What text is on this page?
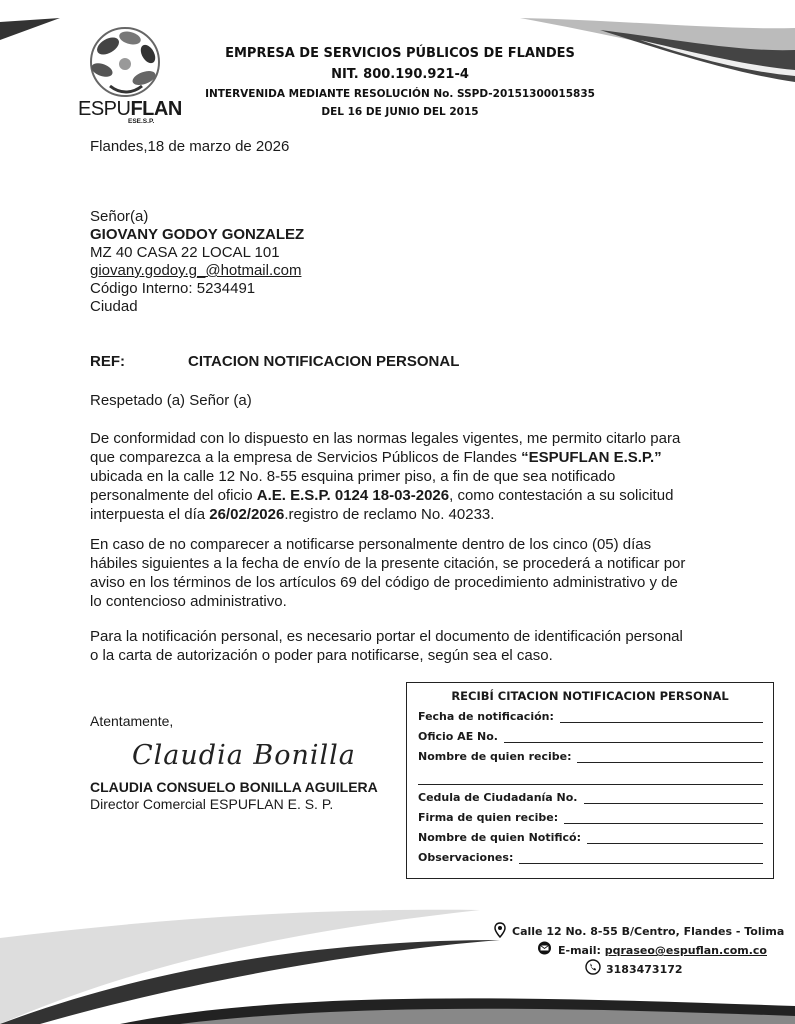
ESPUFLAN
ESE.S.P.
EMPRESA DE SERVICIOS PÚBLICOS DE FLANDES
NIT. 800.190.921-4
INTERVENIDA MEDIANTE RESOLUCIÓN No. SSPD-20151300015835
DEL 16 DE JUNIO DEL 2015
Flandes,18 de marzo de 2026
Señor(a)
GIOVANY GODOY GONZALEZ
MZ 40 CASA 22 LOCAL 101
giovany.godoy.g_@hotmail.com
Código Interno: 5234491
Ciudad
REF:	CITACION NOTIFICACION PERSONAL
Respetado (a) Señor (a)
De conformidad con lo dispuesto en las normas legales vigentes, me permito citarlo para
que comparezca a la empresa de Servicios Públicos de Flandes “ESPUFLAN E.S.P.”
ubicada en la calle 12 No. 8-55 esquina primer piso, a fin de que sea notificado
personalmente del oficio A.E. E.S.P. 0124 18-03-2026, como contestación a su solicitud
interpuesta el día 26/02/2026.registro de reclamo No. 40233.
En caso de no comparecer a notificarse personalmente dentro de los cinco (05) días
hábiles siguientes a la fecha de envío de la presente citación, se procederá a notificar por
aviso en los términos de los artículos 69 del código de procedimiento administrativo y de
lo contencioso administrativo.
Para la notificación personal, es necesario portar el documento de identificación personal
o la carta de autorización o poder para notificarse, según sea el caso.
Atentamente,
Claudia Bonilla
CLAUDIA CONSUELO BONILLA AGUILERA
Director Comercial ESPUFLAN E. S. P.
RECIBÍ CITACION NOTIFICACION PERSONAL
Fecha de notificación:
Oficio AE No.
Nombre de quien recibe:
Cedula de Ciudadanía No.
Firma de quien recibe:
Nombre de quien Notificó:
Observaciones:
Calle 12 No. 8-55 B/Centro, Flandes - Tolima
E-mail: pqraseo@espuflan.com.co
3183473172
